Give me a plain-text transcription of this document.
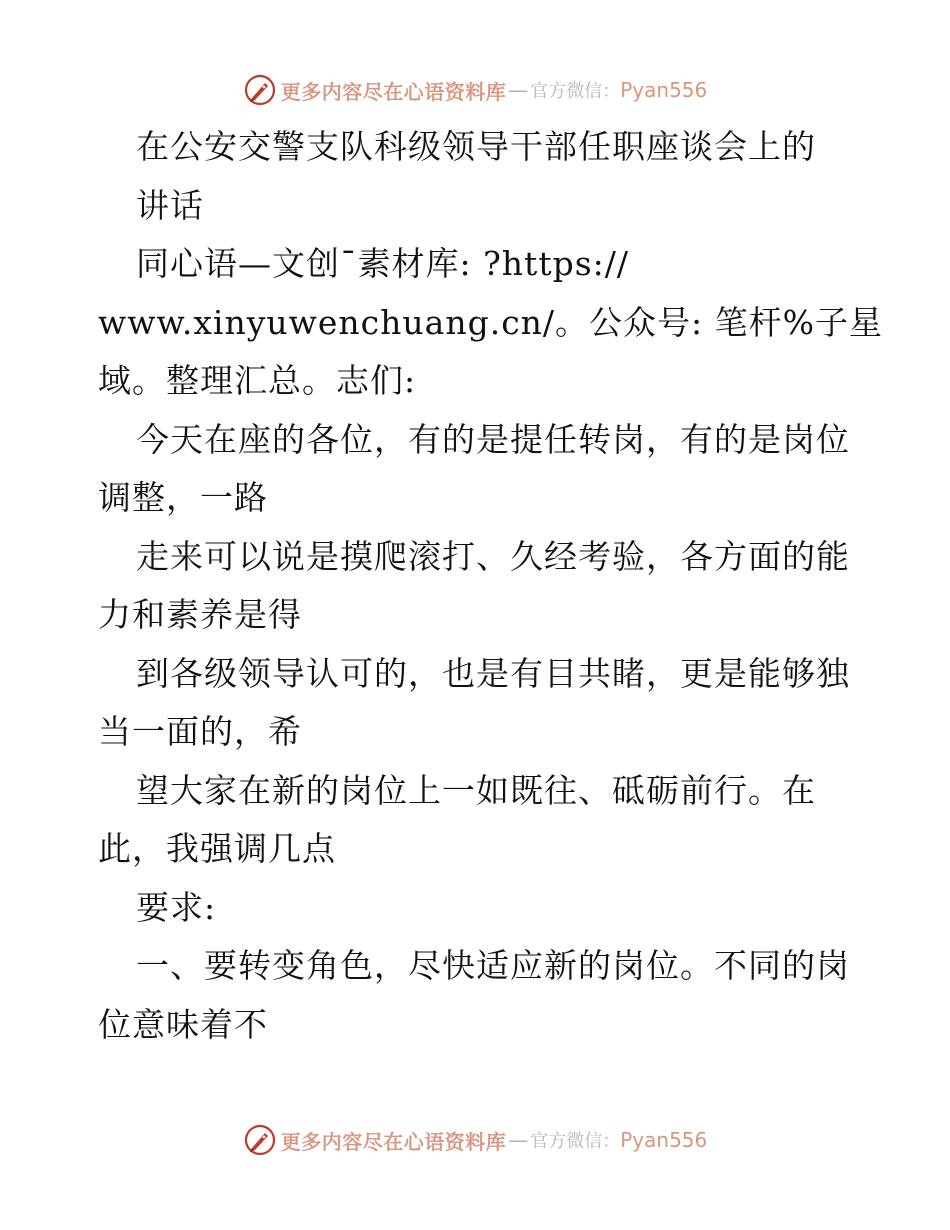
更多内容尽在心语资料库 — 官方微信： Pyan556
在公安交警支队科级领导干部任职座谈会上的
讲话
同心语—文创¯素材库: ?https://
www.xinyuwenchuang.cn/。公众号: 笔杆%子星
域。整理汇总。志们:
今天在座的各位，有的是提任转岗，有的是岗位
调整，一路
走来可以说是摸爬滚打、久经考验，各方面的能
力和素养是得
到各级领导认可的，也是有目共睹，更是能够独
当一面的，希
望大家在新的岗位上一如既往、砥砺前行。在
此，我强调几点
要求:
一、要转变角色，尽快适应新的岗位。不同的岗
位意味着不
更多内容尽在心语资料库 — 官方微信： Pyan556
